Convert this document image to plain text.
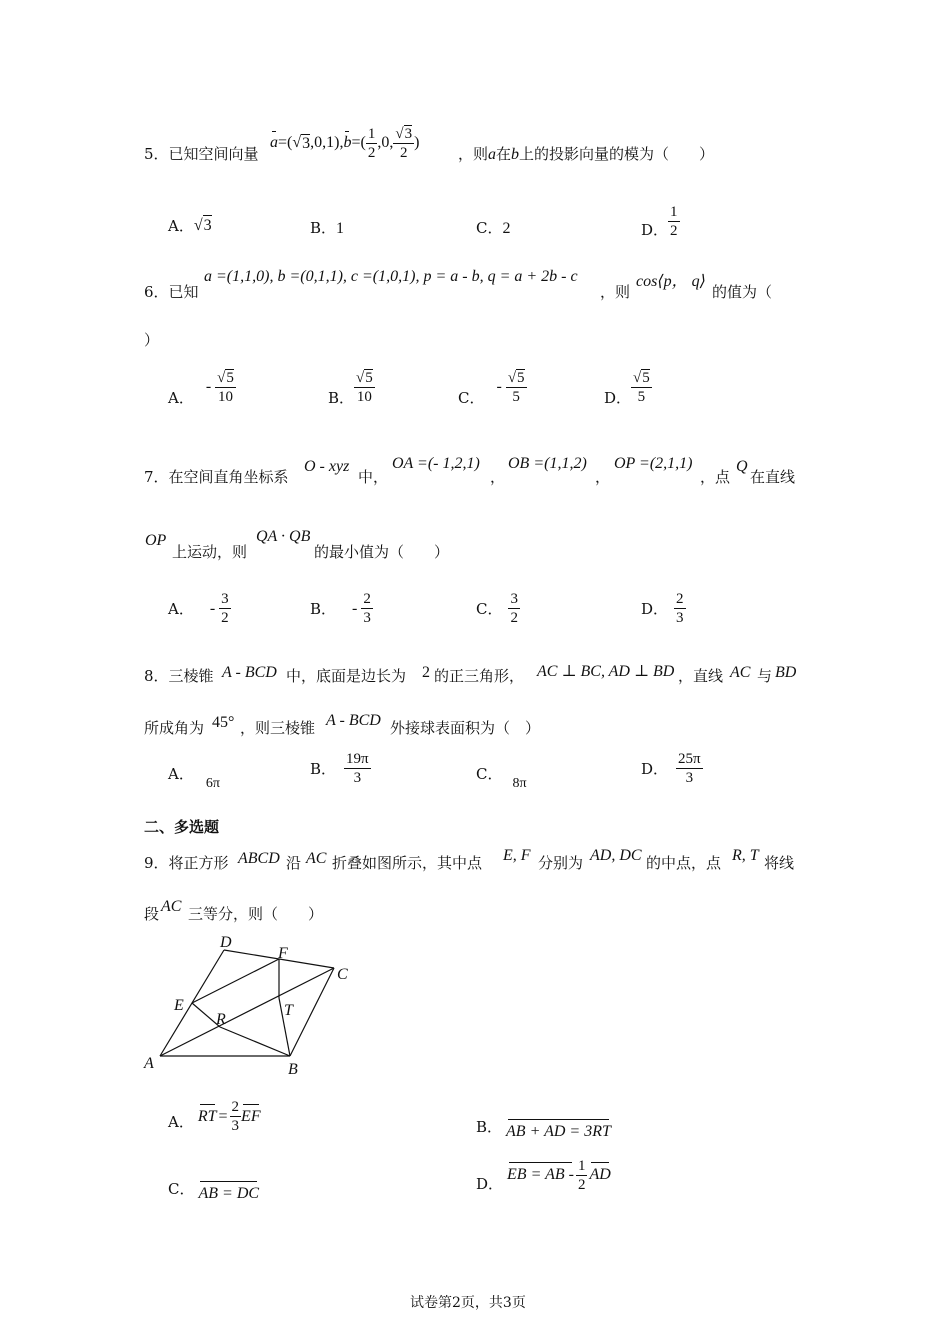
5．已知空间向量
a =( √ 3 ,0,1), b =( $\frac{1}{2} ,0$, $\frac{√3}{2}$ )
，则a在b上的投影向量的模为（　　）
A． √ 3	B．1	C．2	D． $\frac{1}{2}$
6．已知
a =(1,1,0), b =(0,1,1), c =(1,0,1), p = a - b, q = a + 2b - c
，则
cos⟨p， q⟩
的值为（
）
A．
- $\frac{√5}{10}$	B． $\frac{√5}{10}$	C．
- $\frac{√5}{5}$	D． $\frac{√5}{5}$
7．在空间直角坐标系
O - xyz
中，
OA =(- 1,2,1)
，
OB =(1,1,2)
，
OP =(2,1,1)
，点
Q
在直线
OP
上运动，则
QA · QB
的最小值为（　　）
A． - $\frac{3}{2}$	B． - $\frac{2}{3}$	C． $\frac{3}{2}$	D． $\frac{2}{3}$
8．三棱锥 A - BCD 中，底面是边长为 2 的正三角形， AC ⊥ BC, AD ⊥ BD ，直线 AC 与 BD
所成角为 45° ，则三棱锥 A - BCD 外接球表面积为（　）
A．6π
B． $\frac{19\pi}{3}$	C．8π
D． $\frac{25\pi}{3}$
二、多选题
9．将正方形 ABCD 沿 AC 折叠如图所示，其中点 E, F 分别为 AD, DC 的中点，点 R, T 将线
段 AC 三等分，则（　　）
D
F
C
E
R
T
A	B
A． RT = $\frac{2}{3}$ EF
B． AB + AD = 3RT
C． AB = DC
D．
EB = AB - $\frac{1}{2}$ AD
试卷第2页，共3页
